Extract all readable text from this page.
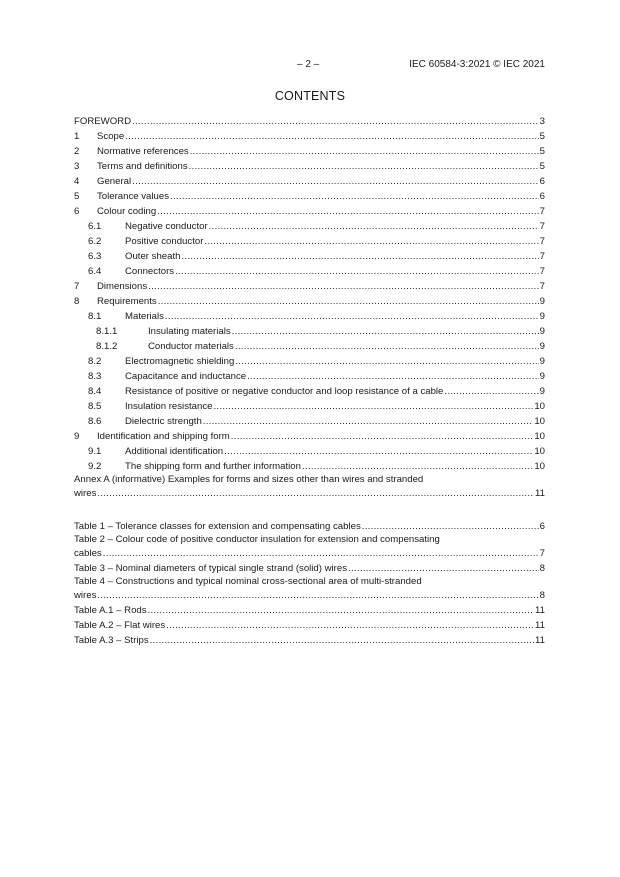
– 2 –	IEC 60584-3:2021 © IEC 2021
CONTENTS
FOREWORD .....	3
1	Scope .....	5
2	Normative references .....	5
3	Terms and definitions .....	5
4	General .....	6
5	Tolerance values .....	6
6	Colour coding .....	7
6.1	Negative conductor .....	7
6.2	Positive conductor .....	7
6.3	Outer sheath .....	7
6.4	Connectors .....	7
7	Dimensions .....	7
8	Requirements .....	9
8.1	Materials .....	9
8.1.1	Insulating materials .....	9
8.1.2	Conductor materials .....	9
8.2	Electromagnetic shielding .....	9
8.3	Capacitance and inductance .....	9
8.4	Resistance of positive or negative conductor and loop resistance of a cable .....	9
8.5	Insulation resistance .....	10
8.6	Dielectric strength .....	10
9	Identification and shipping form .....	10
9.1	Additional identification .....	10
9.2	The shipping form and further information .....	10
Annex A (informative) Examples for forms and sizes other than wires and stranded
wires .....	11
Table 1 – Tolerance classes for extension and compensating cables .....	6
Table 2 – Colour code of positive conductor insulation for extension and compensating
cables .....	7
Table 3 – Nominal diameters of typical single strand (solid) wires .....	8
Table 4 – Constructions and typical nominal cross-sectional area of multi-stranded
wires .....	8
Table A.1 – Rods .....	11
Table A.2 – Flat wires .....	11
Table A.3 – Strips .....	11
